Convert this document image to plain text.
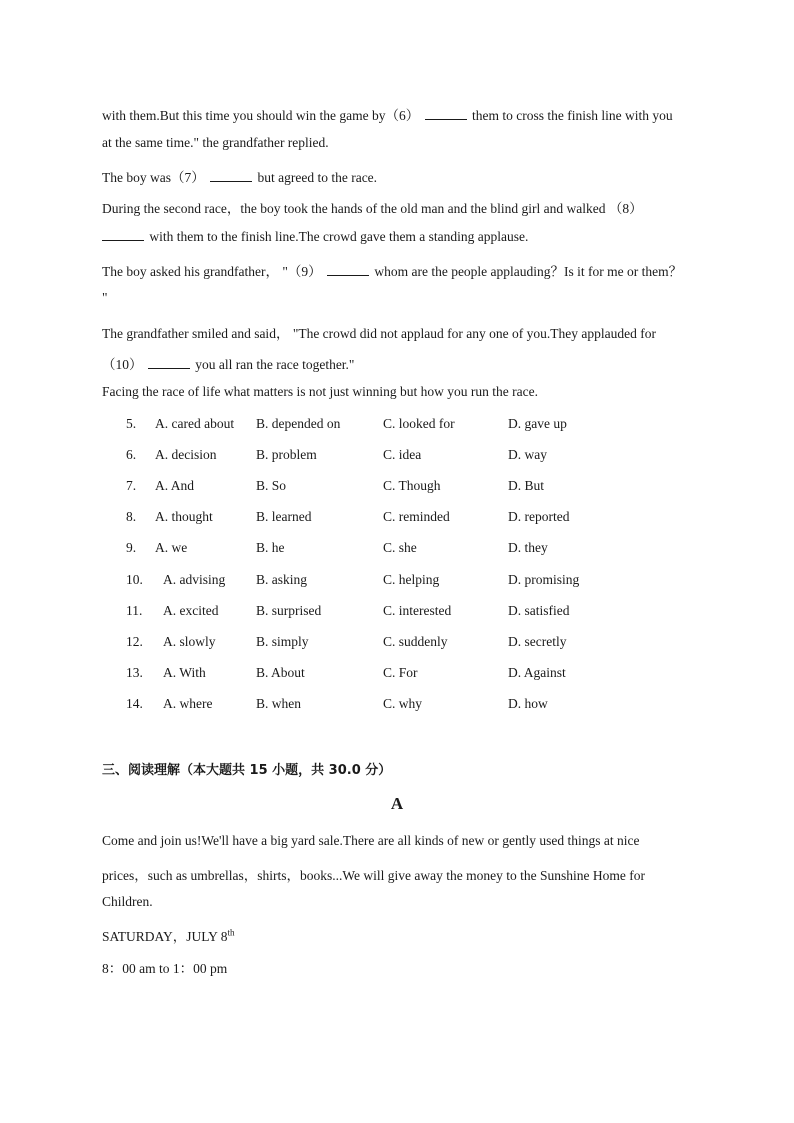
with them.But this time you should win the game by（6）	them to cross the finish line with you
at the same time." the grandfather replied.
The boy was（7）	but agreed to the race.
During the second race，the boy took the hands of the old man and the blind girl and walked （8）
with them to the finish line.The crowd gave them a standing applause.
The boy asked his grandfather， "（9）	whom are the people applauding？Is it for me or them？
"
The grandfather smiled and said， "The crowd did not applaud for any one of you.They applauded for
（10）	you all ran the race together."
Facing the race of life what matters is not just winning but how you run the race.
5. A. cared about B. depended on	C. looked for	D. gave up
6. A. decision	B. problem	C. idea	D. way
7. A. And	B. So	C. Though	D. But
8. A. thought	B. learned	C. reminded	D. reported
9. A. we	B. he	C. she	D. they
10. A. advising B. asking	C. helping	D. promising
11. A. excited	B. surprised	C. interested	D. satisfied
12. A. slowly	B. simply	C. suddenly	D. secretly
13. A. With	B. About	C. For	D. Against
14. A. where	B. when	C. why	D. how
三、阅读理解（本大题共 15 小题，共 30.0 分）
A
Come and join us!We'll have a big yard sale.There are all kinds of new or gently used things at nice
prices，such as umbrellas，shirts，books...We will give away the money to the Sunshine Home for
Children.
SATURDAY，JULY 8th
8：00 am to 1：00 pm
